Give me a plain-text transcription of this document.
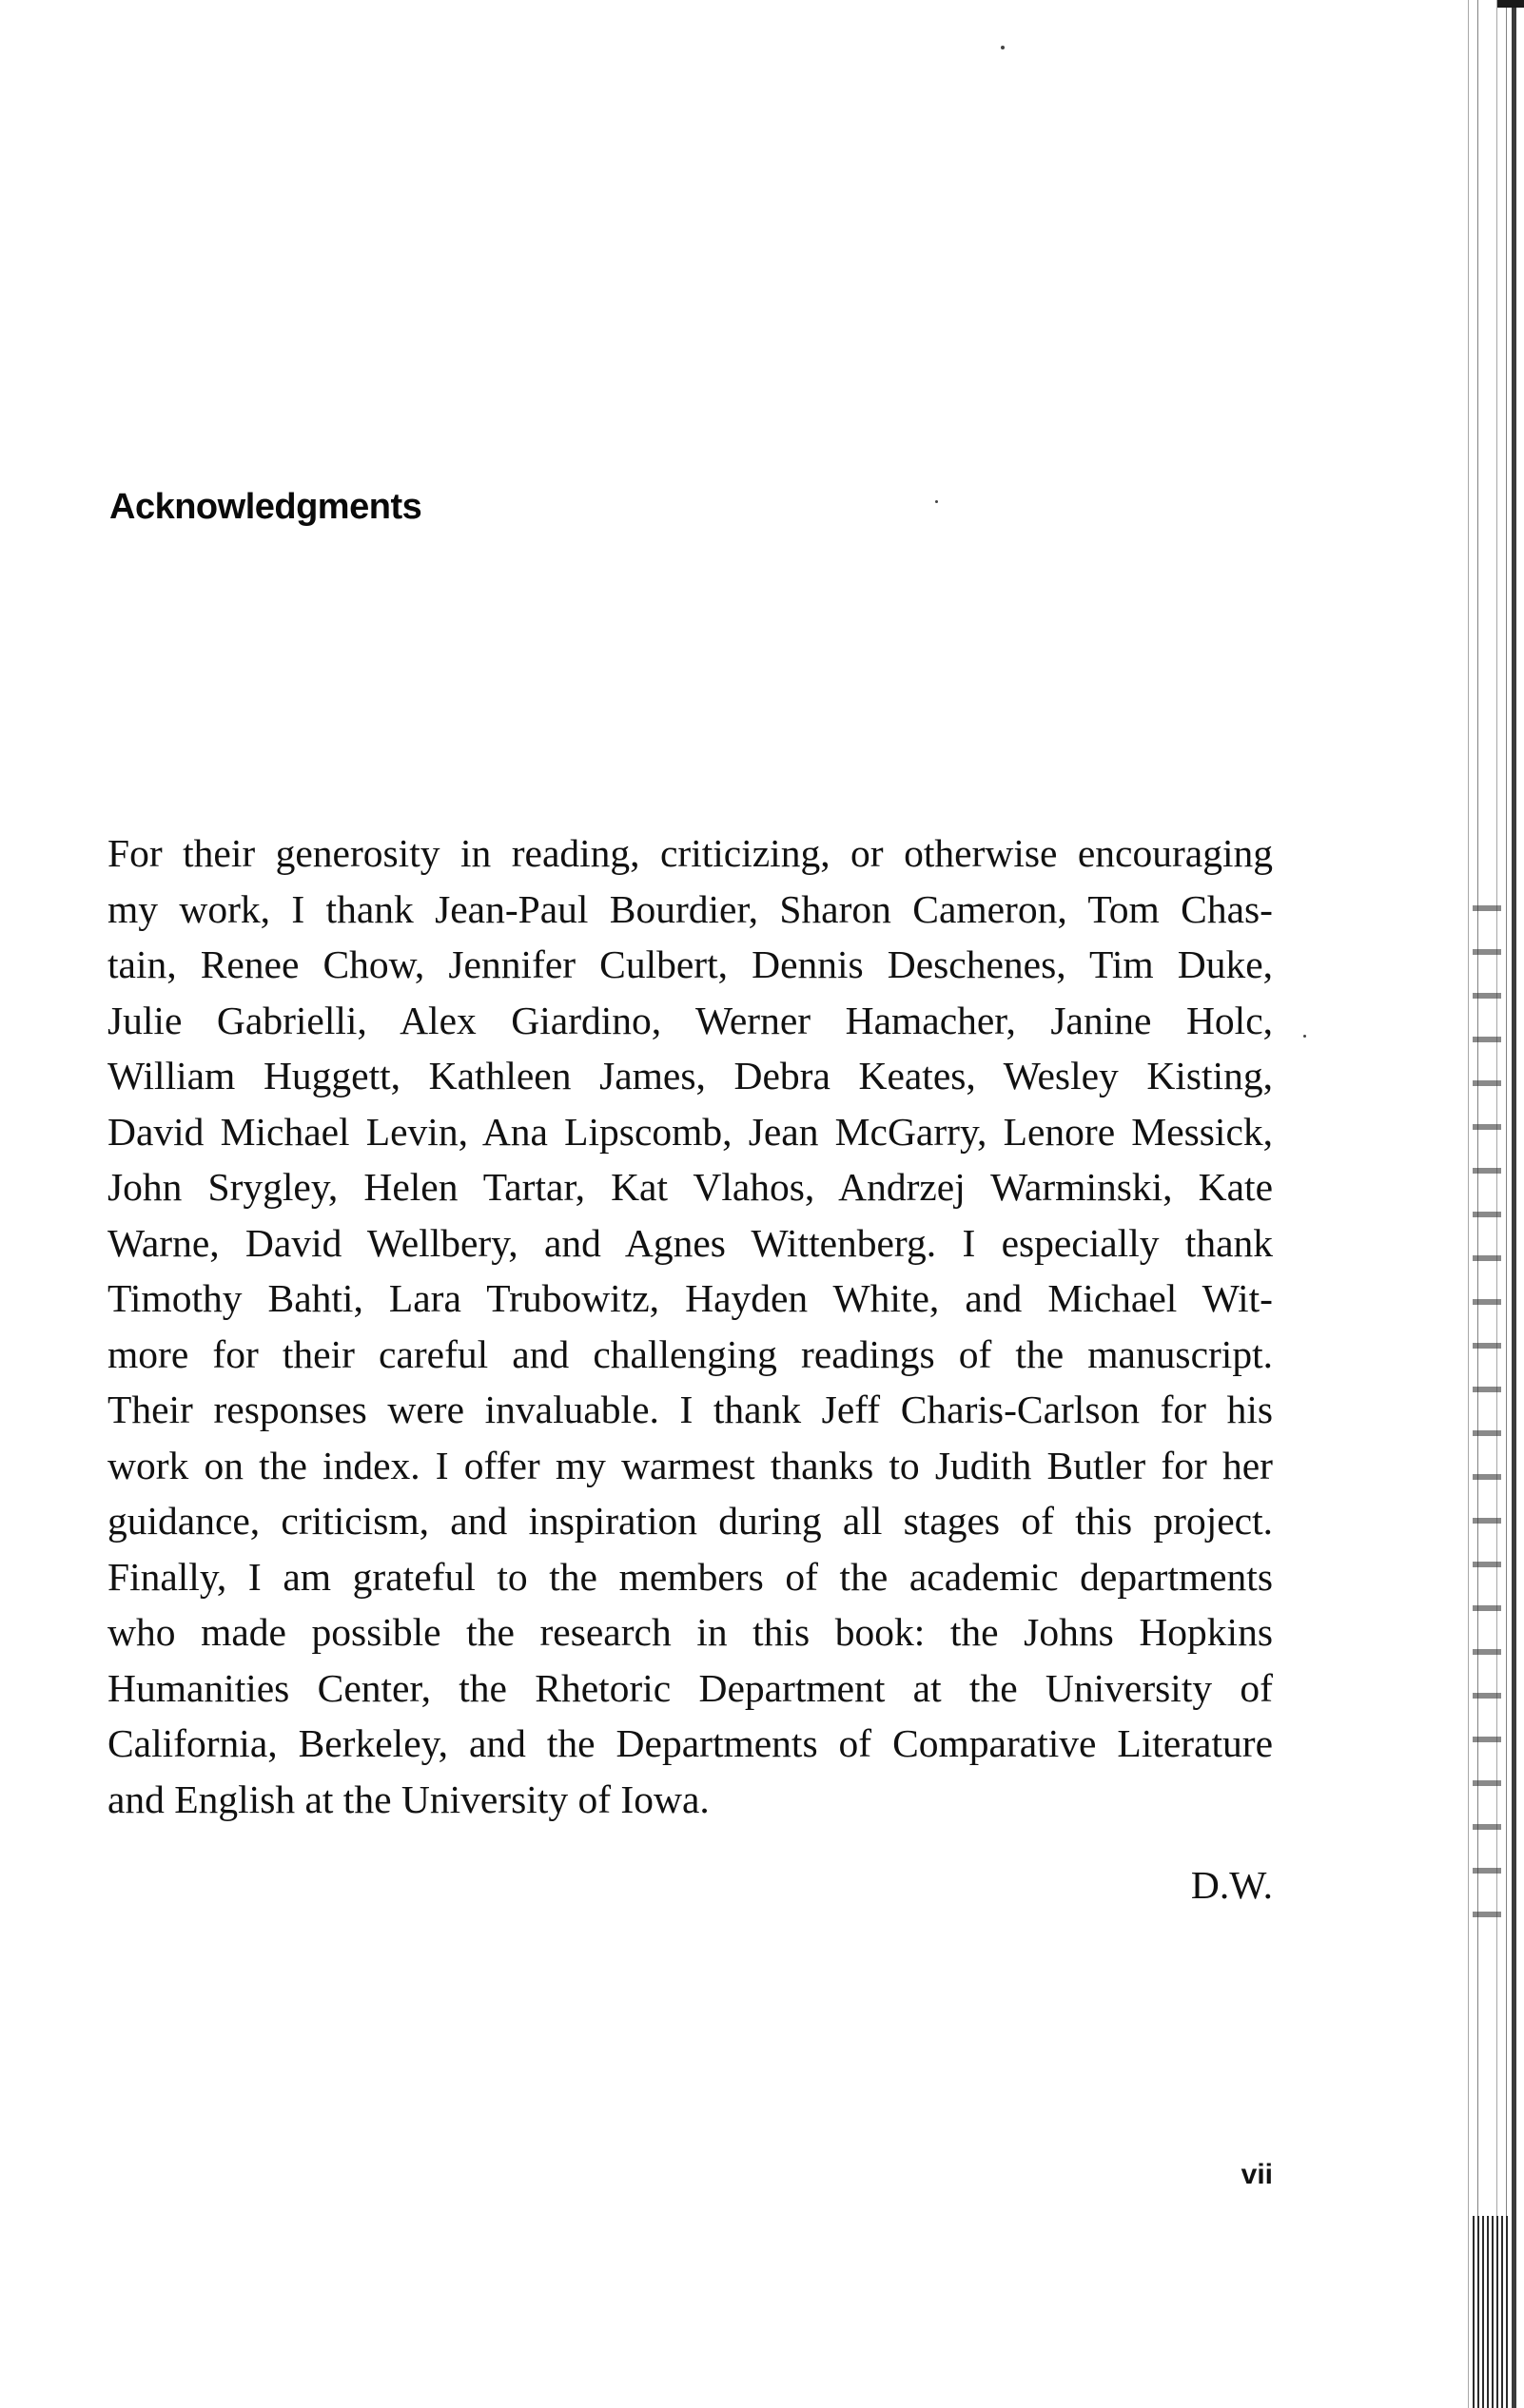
Acknowledgments
For their generosity in reading, criticizing, or otherwise encouraging
my work, I thank Jean-Paul Bourdier, Sharon Cameron, Tom Chas-
tain, Renee Chow, Jennifer Culbert, Dennis Deschenes, Tim Duke,
Julie Gabrielli, Alex Giardino, Werner Hamacher, Janine Holc,
William Huggett, Kathleen James, Debra Keates, Wesley Kisting,
David Michael Levin, Ana Lipscomb, Jean McGarry, Lenore Messick,
John Srygley, Helen Tartar, Kat Vlahos, Andrzej Warminski, Kate
Warne, David Wellbery, and Agnes Wittenberg. I especially thank
Timothy Bahti, Lara Trubowitz, Hayden White, and Michael Wit-
more for their careful and challenging readings of the manuscript.
Their responses were invaluable. I thank Jeff Charis-Carlson for his
work on the index. I offer my warmest thanks to Judith Butler for her
guidance, criticism, and inspiration during all stages of this project.
Finally, I am grateful to the members of the academic departments
who made possible the research in this book: the Johns Hopkins
Humanities Center, the Rhetoric Department at the University of
California, Berkeley, and the Departments of Comparative Literature
and English at the University of Iowa.

D.W.

vii
